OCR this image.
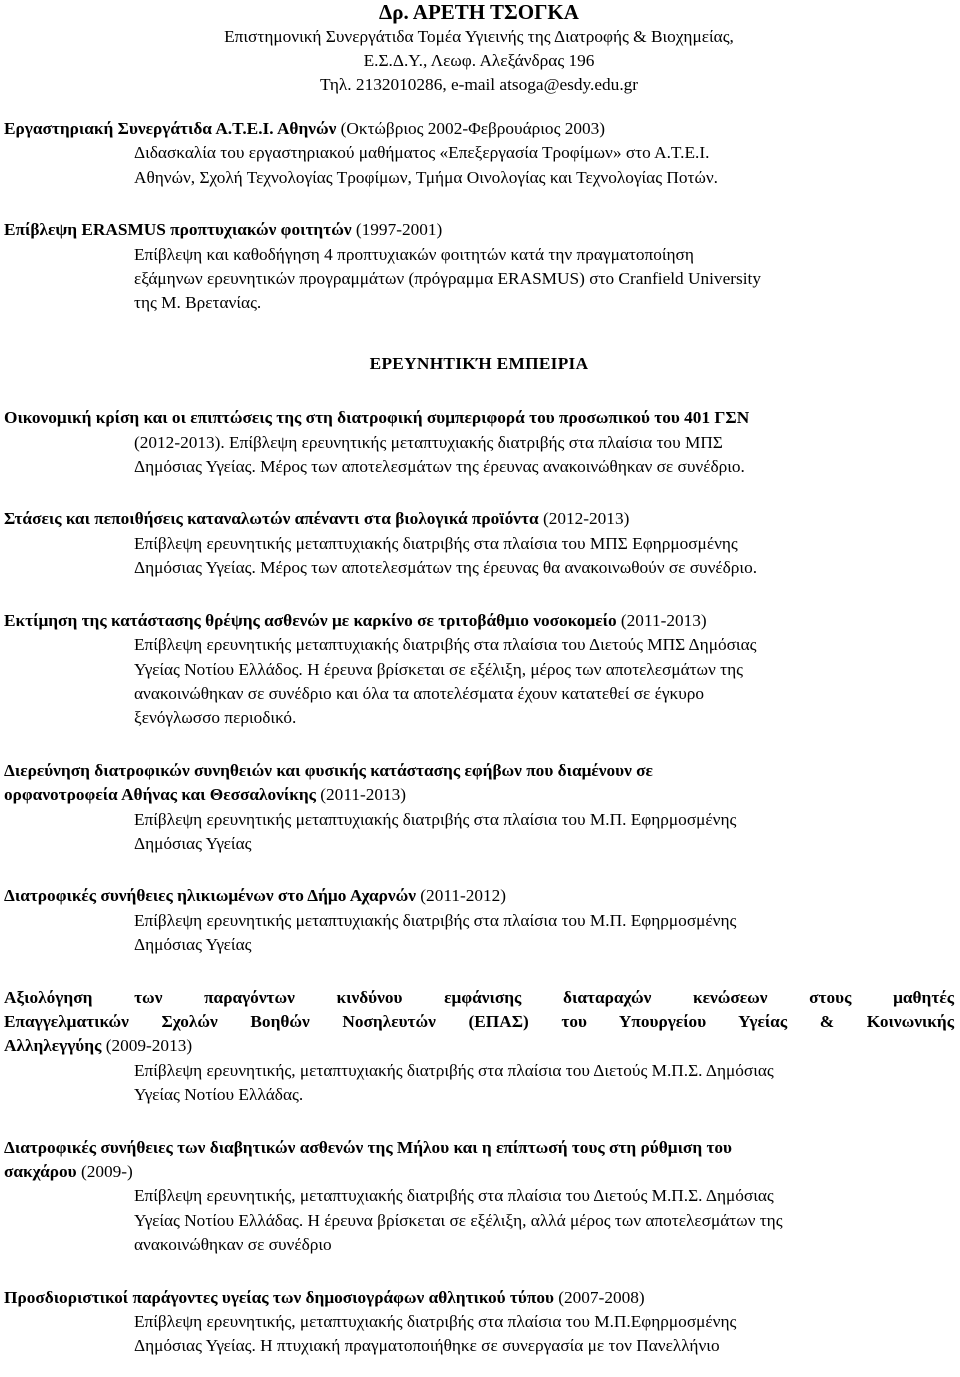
Δρ. ΑΡΕΤΗ ΤΣΟΓΚΑ
Επιστημονική Συνεργάτιδα Τομέα Υγιεινής της Διατροφής & Βιοχημείας,
Ε.Σ.Δ.Υ., Λεωφ. Αλεξάνδρας 196
Τηλ. 2132010286, e-mail atsoga@esdy.edu.gr
Εργαστηριακή Συνεργάτιδα Α.Τ.Ε.Ι. Αθηνών (Οκτώβριος 2002-Φεβρουάριος 2003)
Διδασκαλία του εργαστηριακού μαθήματος «Επεξεργασία Τροφίμων» στο Α.Τ.Ε.Ι.
Αθηνών, Σχολή Τεχνολογίας Τροφίμων, Τμήμα Οινολογίας και Τεχνολογίας Ποτών.
Επίβλεψη ERASMUS προπτυχιακών φοιτητών (1997-2001)
Επίβλεψη και καθοδήγηση 4 προπτυχιακών φοιτητών κατά την πραγματοποίηση
εξάμηνων ερευνητικών προγραμμάτων (πρόγραμμα ERASMUS) στο Cranfield University
της Μ. Βρετανίας.
ΕΡΕΥΝΗΤΙΚΉ ΕΜΠΕΙΡΙΑ
Οικονομική κρίση και οι επιπτώσεις της στη διατροφική συμπεριφορά του προσωπικού του 401 ΓΣΝ
(2012-2013). Επίβλεψη ερευνητικής μεταπτυχιακής διατριβής στα πλαίσια του ΜΠΣ
Δημόσιας Υγείας. Μέρος των αποτελεσμάτων της έρευνας ανακοινώθηκαν σε συνέδριο.
Στάσεις και πεποιθήσεις καταναλωτών απέναντι στα βιολογικά προϊόντα (2012-2013)
Επίβλεψη ερευνητικής μεταπτυχιακής διατριβής στα πλαίσια του ΜΠΣ Εφηρμοσμένης
Δημόσιας Υγείας. Μέρος των αποτελεσμάτων της έρευνας θα ανακοινωθούν σε συνέδριο.
Εκτίμηση της κατάστασης θρέψης ασθενών με καρκίνο σε τριτοβάθμιο νοσοκομείο (2011-2013)
Επίβλεψη ερευνητικής μεταπτυχιακής διατριβής στα πλαίσια του Διετούς ΜΠΣ Δημόσιας
Υγείας Νοτίου Ελλάδος. Η έρευνα βρίσκεται σε εξέλιξη, μέρος των αποτελεσμάτων της
ανακοινώθηκαν σε συνέδριο και όλα τα αποτελέσματα έχουν κατατεθεί σε έγκυρο
ξενόγλωσσο περιοδικό.
Διερεύνηση διατροφικών συνηθειών και φυσικής κατάστασης εφήβων που διαμένουν σε
ορφανοτροφεία Αθήνας και Θεσσαλονίκης (2011-2013)
Επίβλεψη ερευνητικής μεταπτυχιακής διατριβής στα πλαίσια του Μ.Π. Εφηρμοσμένης
Δημόσιας Υγείας
Διατροφικές συνήθειες ηλικιωμένων στο Δήμο Αχαρνών (2011-2012)
Επίβλεψη ερευνητικής μεταπτυχιακής διατριβής στα πλαίσια του Μ.Π. Εφηρμοσμένης
Δημόσιας Υγείας
Αξιολόγηση των παραγόντων κινδύνου εμφάνισης διαταραχών κενώσεων στους μαθητές
Επαγγελματικών Σχολών Βοηθών Νοσηλευτών (ΕΠΑΣ) του Υπουργείου Υγείας & Κοινωνικής
Αλληλεγγύης (2009-2013)
Επίβλεψη ερευνητικής, μεταπτυχιακής διατριβής στα πλαίσια του Διετούς Μ.Π.Σ. Δημόσιας
Υγείας Νοτίου Ελλάδας.
Διατροφικές συνήθειες των διαβητικών ασθενών της Μήλου και η επίπτωσή τους στη ρύθμιση του
σακχάρου (2009-)
Επίβλεψη ερευνητικής, μεταπτυχιακής διατριβής στα πλαίσια του Διετούς Μ.Π.Σ. Δημόσιας
Υγείας Νοτίου Ελλάδας. Η έρευνα βρίσκεται σε εξέλιξη, αλλά μέρος των αποτελεσμάτων της
ανακοινώθηκαν σε συνέδριο
Προσδιοριστικοί παράγοντες υγείας των δημοσιογράφων αθλητικού τύπου (2007-2008)
Επίβλεψη ερευνητικής, μεταπτυχιακής διατριβής στα πλαίσια του Μ.Π.Εφηρμοσμένης
Δημόσιας Υγείας. Η πτυχιακή πραγματοποιήθηκε σε συνεργασία με τον Πανελλήνιο
